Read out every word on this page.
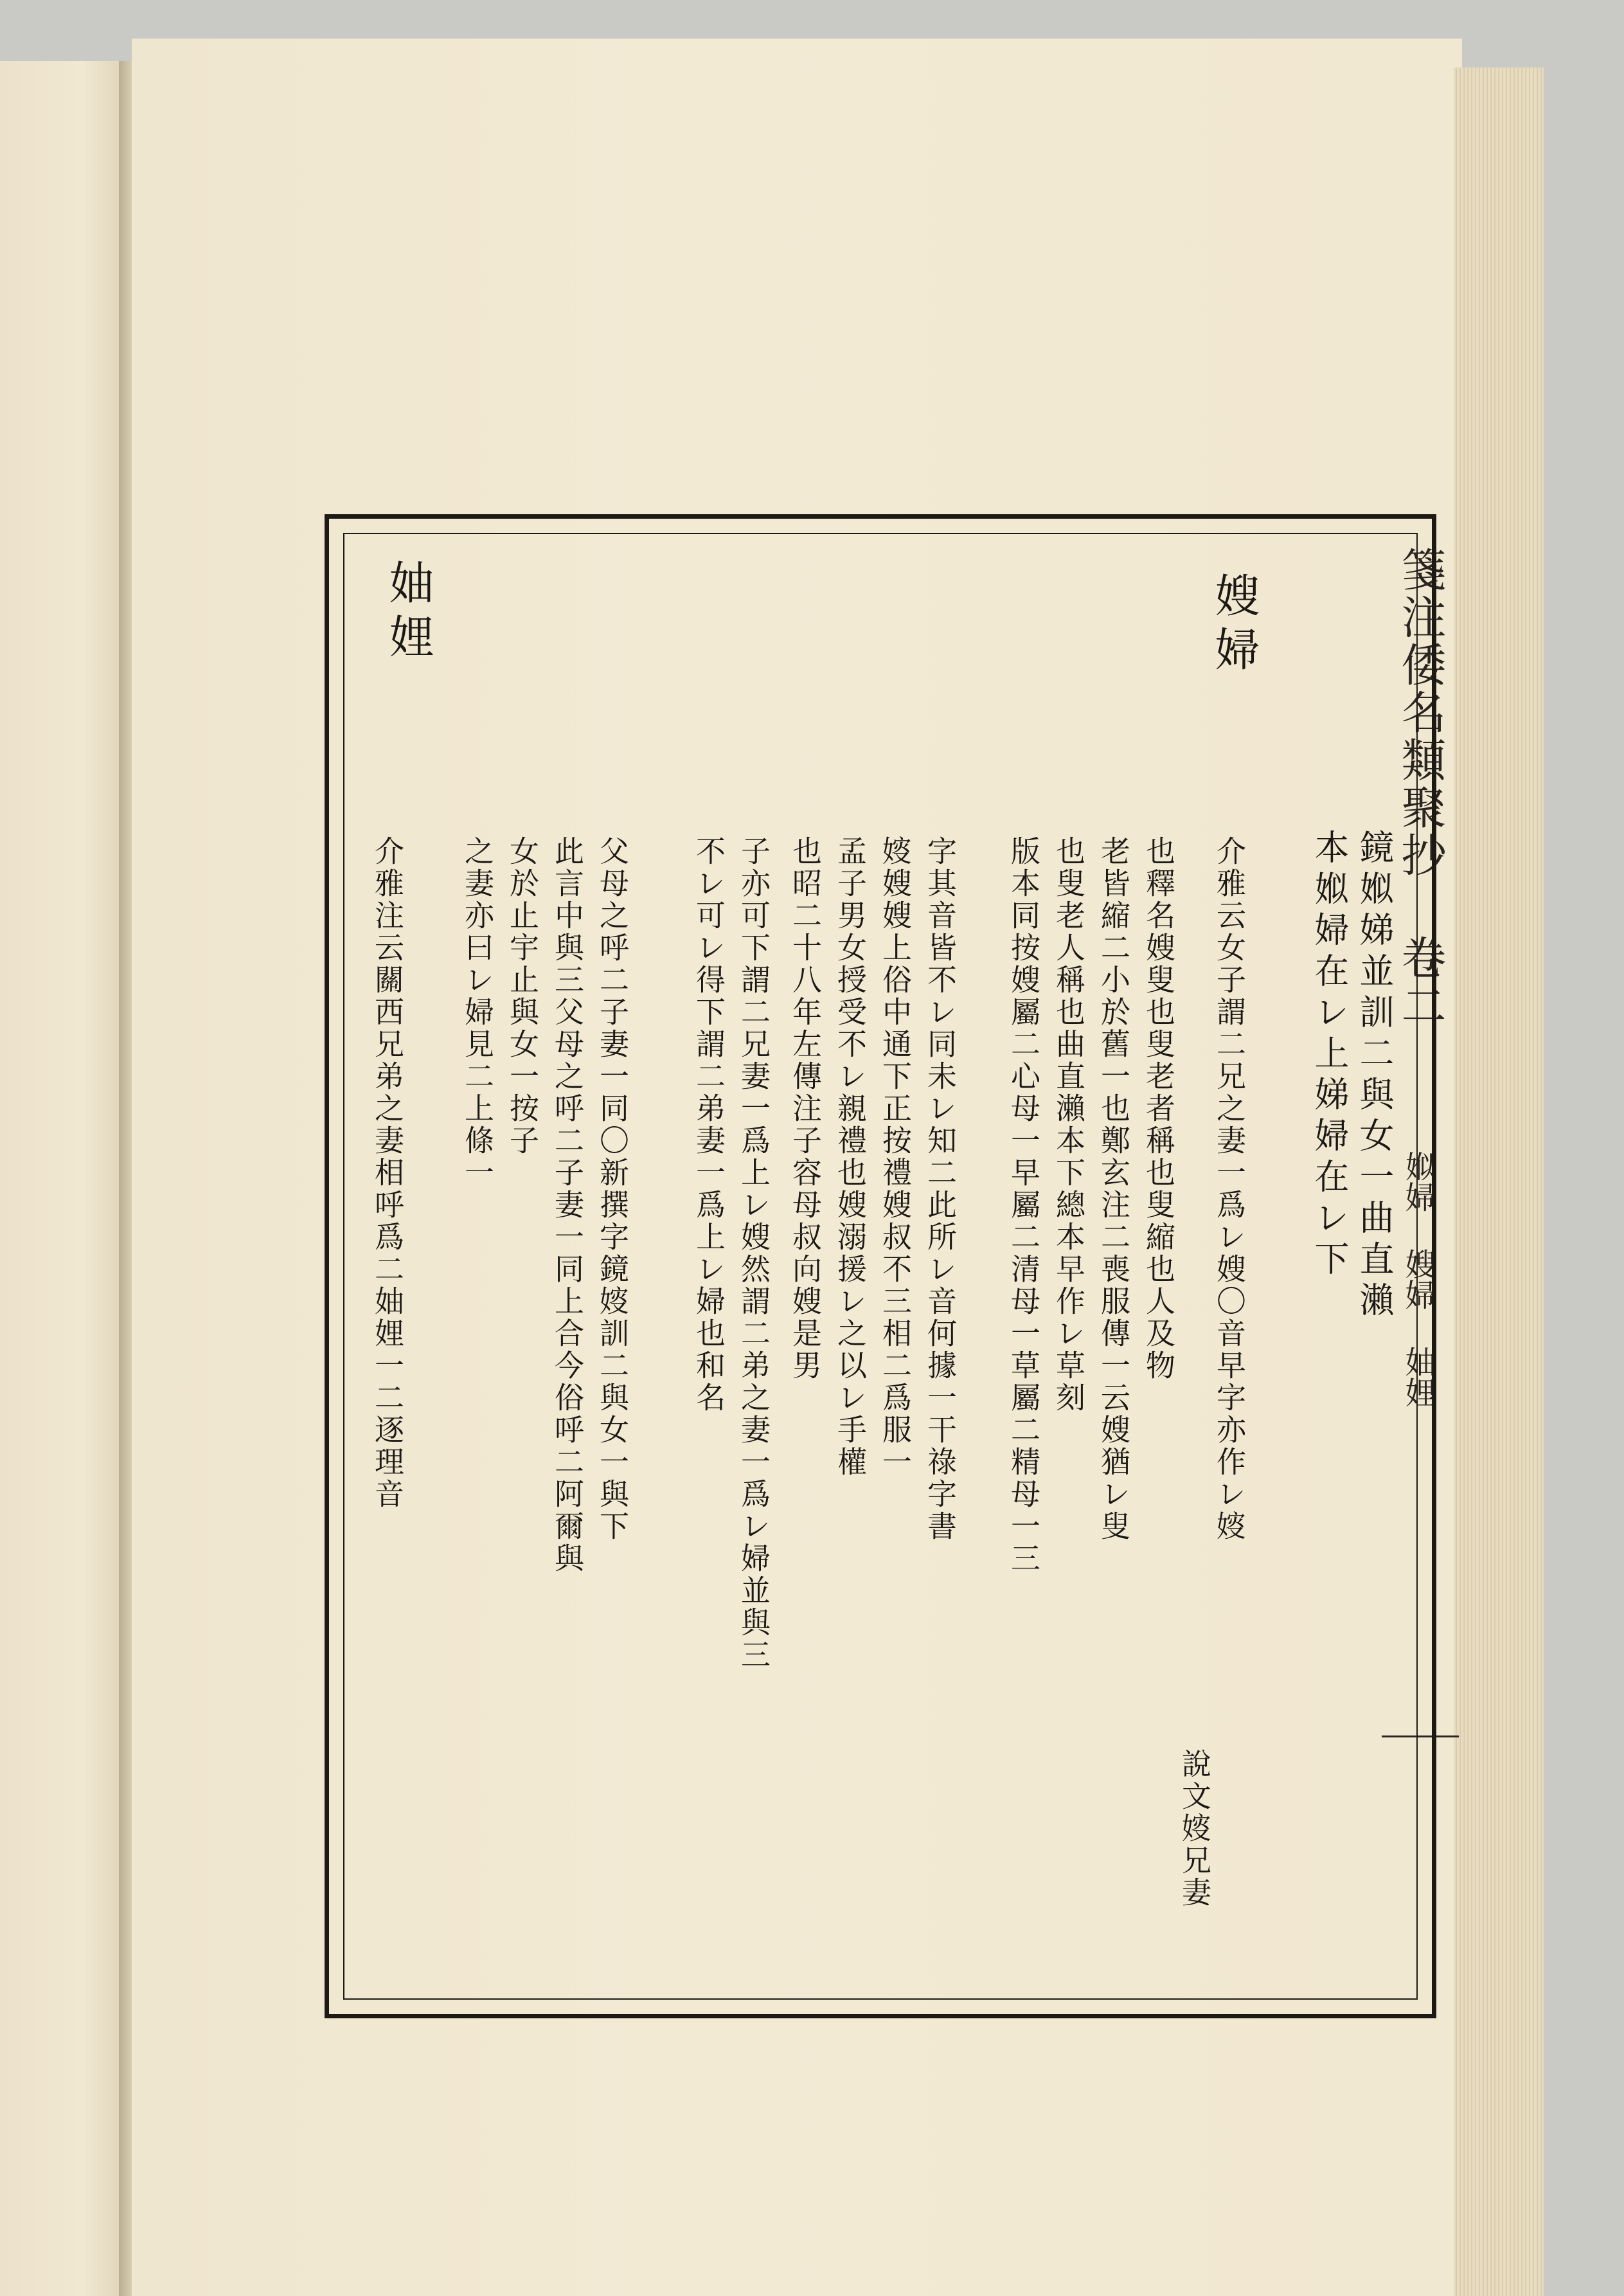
箋注倭名類聚抄 卷二
娰婦 嫂婦 妯娌
嫂婦
妯娌
鏡娰娣並訓二與女一曲直瀨
本娰婦在レ上娣婦在レ下
介雅云女子謂二兄之妻一爲レ嫂〇音早字亦作レ㛮
說文㛮兄妻
也釋名嫂叟也叟老者稱也叟縮也人及物
老皆縮二小於舊一也鄭玄注二喪服傳一云嫂猶レ叟
也叟老人稱也曲直瀨本下總本早作レ草刻
版本同按嫂屬二心母一早屬二清母一草屬二精母一三
字其音皆不レ同未レ知二此所レ音何據一干祿字書
㛮嫂嫂上俗中通下正按禮嫂叔不三相二爲服一
孟子男女授受不レ親禮也嫂溺援レ之以レ手權
也昭二十八年左傳注子容母叔向嫂是男
子亦可下謂二兄妻一爲上レ嫂然謂二弟之妻一爲レ婦並與三
不レ可レ得下謂二弟妻一爲上レ婦也和名
父母之呼二子妻一同〇新撰字鏡㛮訓二與女一與下
此言中與三父母之呼二子妻一同上合今俗呼二阿爾與
女於止宇止與女一按子
之妻亦曰レ婦見二上條一
介雅注云關西兄弟之妻相呼爲二妯娌一二逐理音
